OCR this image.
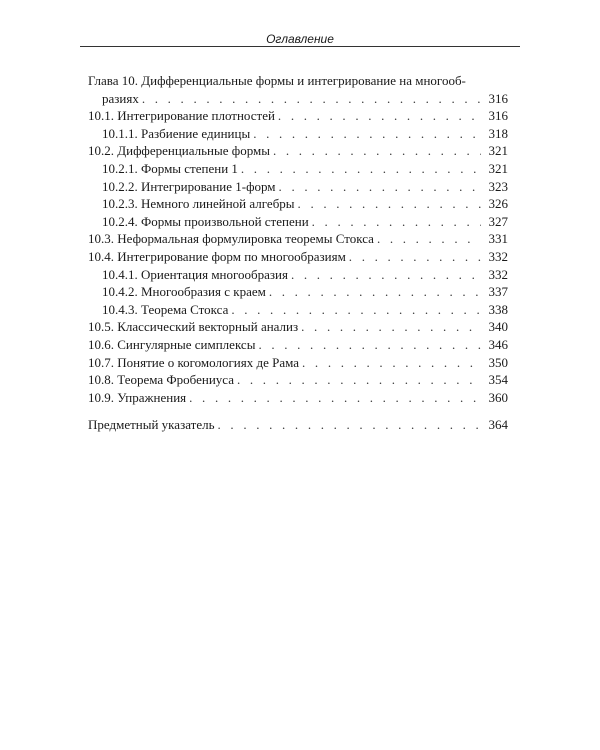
Оглавление
Глава 10. Дифференциальные формы и интегрирование на многооб-
разиях . . .	316
10.1. Интегрирование плотностей . . .	316
10.1.1. Разбиение единицы . . .	318
10.2. Дифференциальные формы . . .	321
10.2.1. Формы степени 1 . . .	321
10.2.2. Интегрирование 1-форм . . .	323
10.2.3. Немного линейной алгебры . . .	326
10.2.4. Формы произвольной степени . . .	327
10.3. Неформальная формулировка теоремы Стокса . . .	331
10.4. Интегрирование форм по многообразиям . . .	332
10.4.1. Ориентация многообразия . . .	332
10.4.2. Многообразия с краем . . .	337
10.4.3. Теорема Стокса . . .	338
10.5. Классический векторный анализ . . .	340
10.6. Сингулярные симплексы . . .	346
10.7. Понятие о когомологиях де Рама . . .	350
10.8. Теорема Фробениуса . . .	354
10.9. Упражнения . . .	360
Предметный указатель . . .	364
